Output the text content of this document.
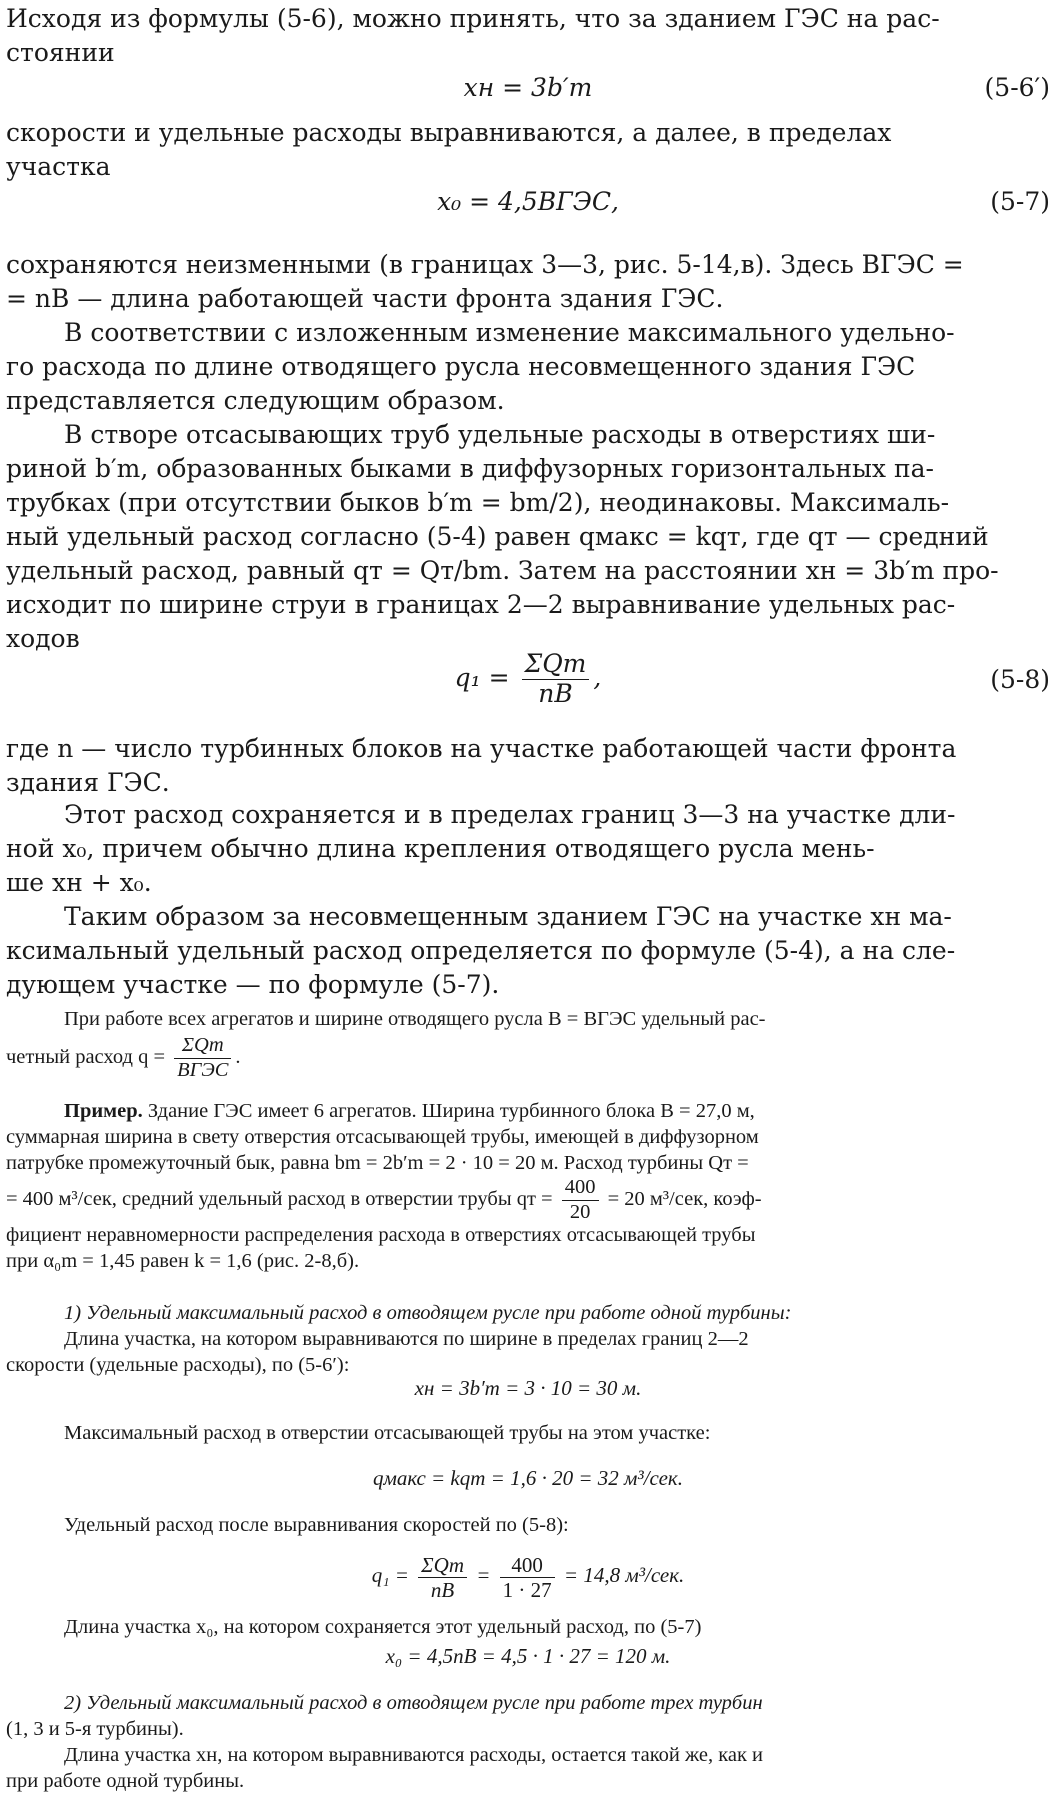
Исходя из формулы (5-6), можно принять, что за зданием ГЭС на рас-
стоянии

xн = 3b′m	(5-6′)

скорости и удельные расходы выравниваются, а далее, в пределах
участка

x₀ = 4,5BГЭС,	(5-7)

сохраняются неизменными (в границах 3—3, рис. 5-14,в). Здесь BГЭС =
= nB — длина работающей части фронта здания ГЭС.

В соответствии с изложенным изменение максимального удельно-
го расхода по длине отводящего русла несовмещенного здания ГЭС
представляется следующим образом.

В створе отсасывающих труб удельные расходы в отверстиях ши-
риной b′m, образованных быками в диффузорных горизонтальных па-
трубках (при отсутствии быков b′m = bm/2), неодинаковы. Максималь-
ный удельный расход согласно (5-4) равен qмакс = kqт, где qт — средний
удельный расход, равный qт = Qт/bm. Затем на расстоянии xн = 3b′m про-
исходит по ширине струи в границах 2—2 выравнивание удельных рас-
ходов

$q_1 = \frac{\text{ΣQт}}{nB}$ ,	(5-8)

где n — число турбинных блоков на участке работающей части фронта
здания ГЭС.

Этот расход сохраняется и в пределах границ 3—3 на участке дли-
ной x₀, причем обычно длина крепления отводящего русла мень-
ше xн + x₀.

Таким образом за несовмещенным зданием ГЭС на участке xн ма-
ксимальный удельный расход определяется по формуле (5-4), а на сле-
дующем участке — по формуле (5-7).

При работе всех агрегатов и ширине отводящего русла B = BГЭС удельный рас-
четный расход $q = \frac{\text{ΣQт}}{\text{BГЭС}}$ .
Пример. Здание ГЭС имеет 6 агрегатов. Ширина турбинного блока B = 27,0 м,
суммарная ширина в свету отверстия отсасывающей трубы, имеющей в диффузорном
патрубке промежуточный бык, равна bm = 2b′m = 2 · 10 = 20 м. Расход турбины Qт =
= 400 м³/сек, средний удельный расход в отверстии трубы qт = $\frac{400}{20} = 20$ м³/сек, коэф-
фициент неравномерности распределения расхода в отверстиях отсасывающей трубы
при α₀m = 1,45 равен k = 1,6 (рис. 2-8,б).
1) Удельный максимальный расход в отводящем русле при работе одной турбины:
Длина участка, на котором выравниваются по ширине в пределах границ 2—2
скорости (удельные расходы), по (5-6′):
xн = 3b′m = 3 · 10 = 30 м.
Максимальный расход в отверстии отсасывающей трубы на этом участке:
qмакс = kqт = 1,6 · 20 = 32 м³/сек.
Удельный расход после выравнивания скоростей по (5-8):
$q_1 = \frac{\text{ΣQт}}{nB} = \frac{400}{1 \cdot 27} = 14,8$ м³/сек.
Длина участка x₀, на котором сохраняется этот удельный расход, по (5-7)
x₀ = 4,5nB = 4,5 · 1 · 27 = 120 м.
2) Удельный максимальный расход в отводящем русле при работе трех турбин
(1, 3 и 5-я турбины).
Длина участка xн, на котором выравниваются расходы, остается такой же, как и
при работе одной турбины.
